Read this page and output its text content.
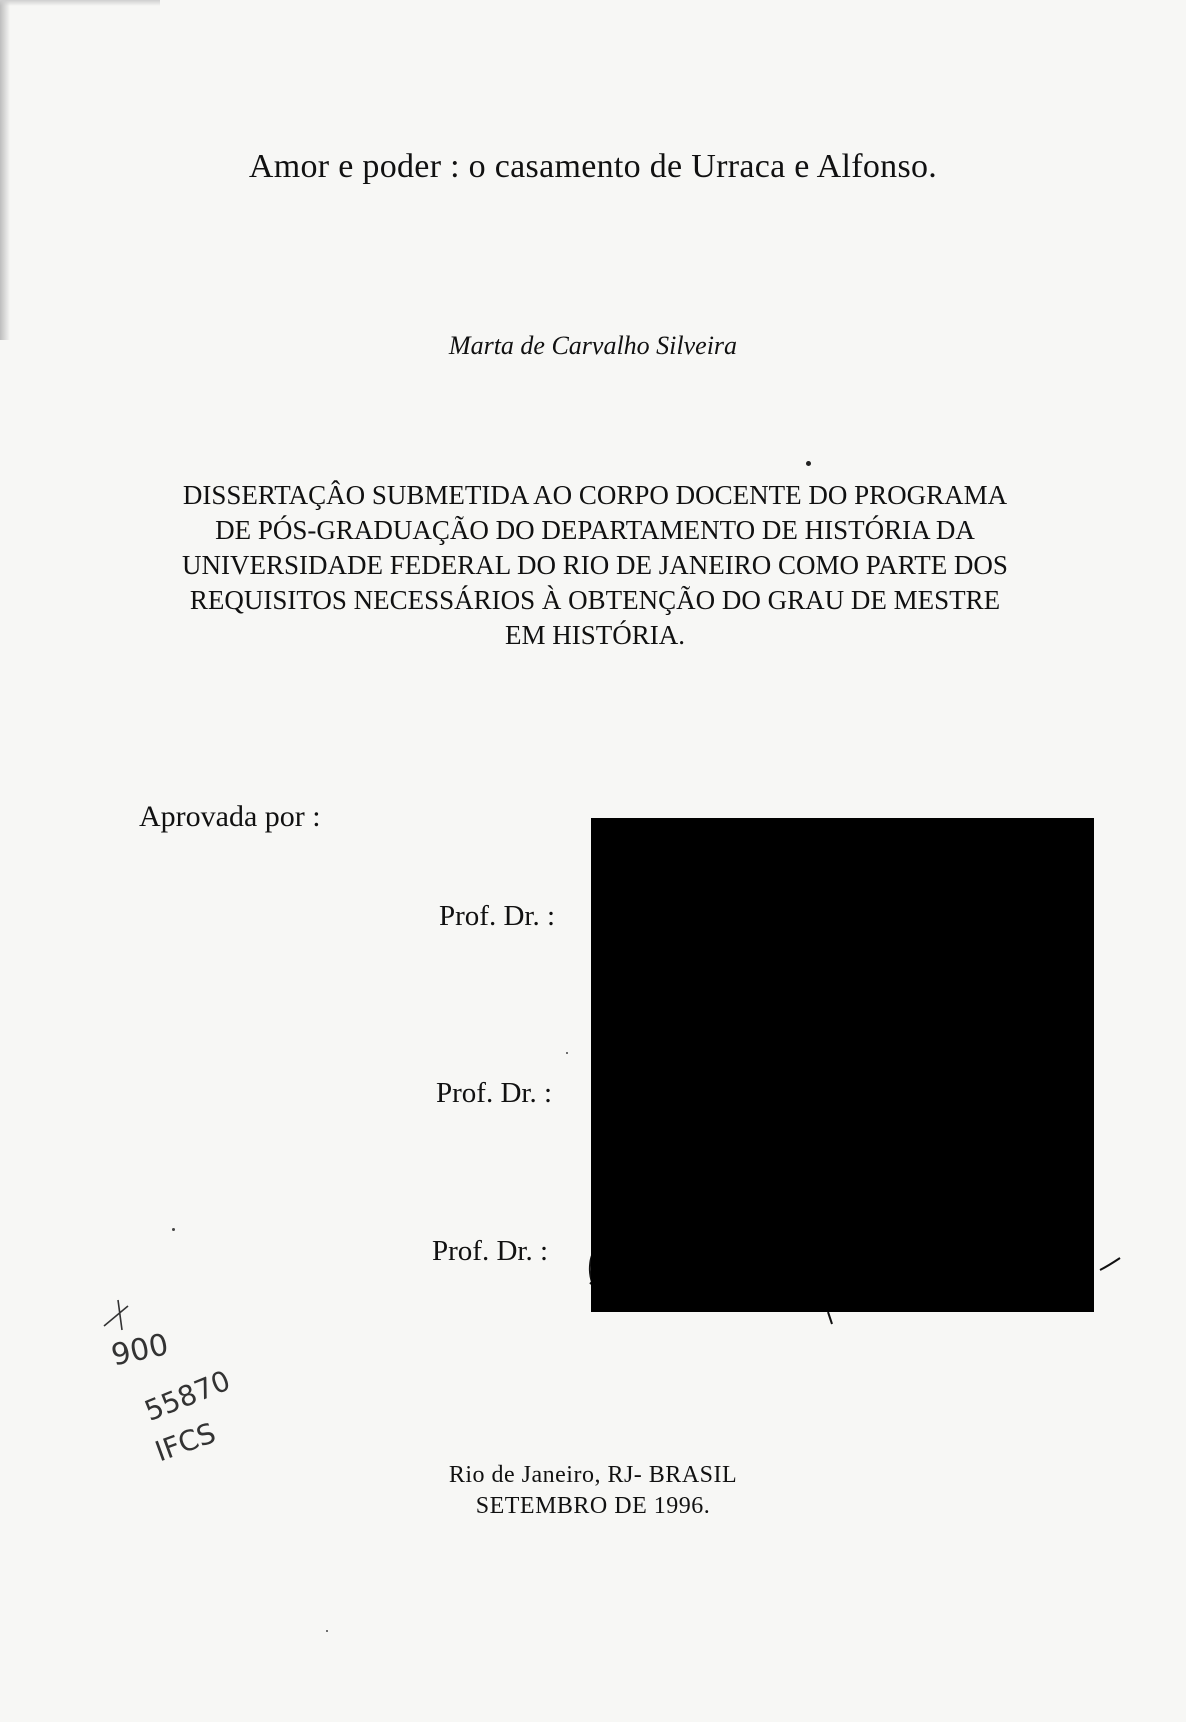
Amor e poder : o casamento de Urraca e Alfonso.
Marta de Carvalho Silveira
DISSERTAÇÂO SUBMETIDA AO CORPO DOCENTE DO PROGRAMA
DE PÓS-GRADUAÇÃO DO DEPARTAMENTO DE HISTÓRIA DA
UNIVERSIDADE FEDERAL DO RIO DE JANEIRO COMO PARTE DOS
REQUISITOS NECESSÁRIOS À OBTENÇÃO DO GRAU DE MESTRE
EM HISTÓRIA.
Aprovada por :
Prof. Dr. :
Prof. Dr. :
Prof. Dr. :
900
55870
IFCS
Rio de Janeiro, RJ- BRASIL
SETEMBRO DE 1996.
